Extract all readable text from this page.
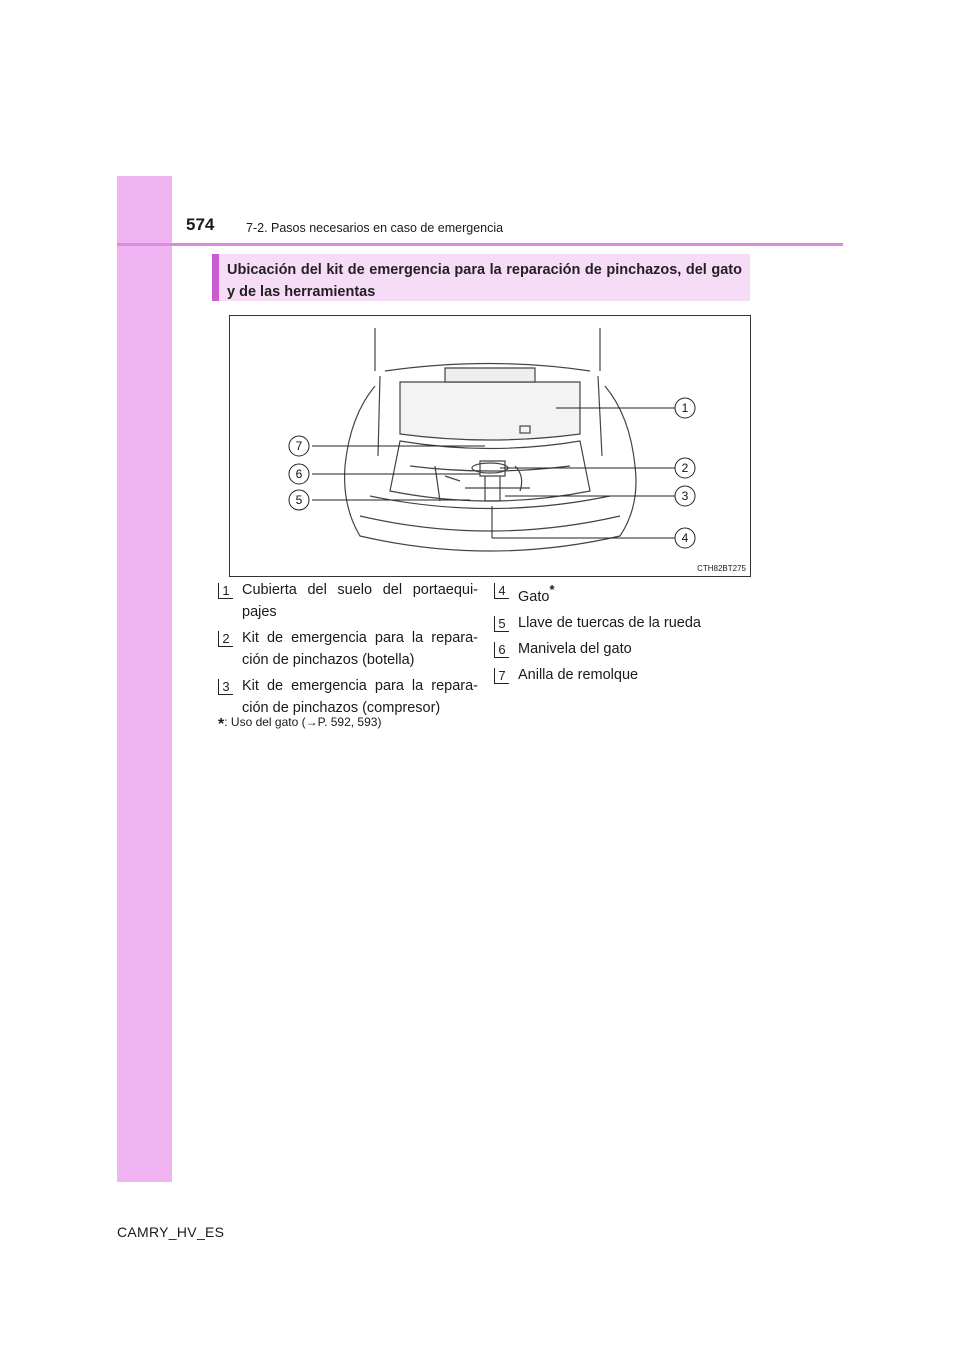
574	7-2. Pasos necesarios en caso de emergencia
Ubicación del kit de emergencia para la reparación de pinchazos, del gato y de las herramientas
1
2
3
4
5
6
7
CTH82BT275
1 Cubierta del suelo del portaequi-pajes
2 Kit de emergencia para la repara-ción de pinchazos (botella)
3 Kit de emergencia para la repara-ción de pinchazos (compresor)
4 Gato*
5 Llave de tuercas de la rueda
6 Manivela del gato
7 Anilla de remolque
*: Uso del gato (→P. 592, 593)
CAMRY_HV_ES
